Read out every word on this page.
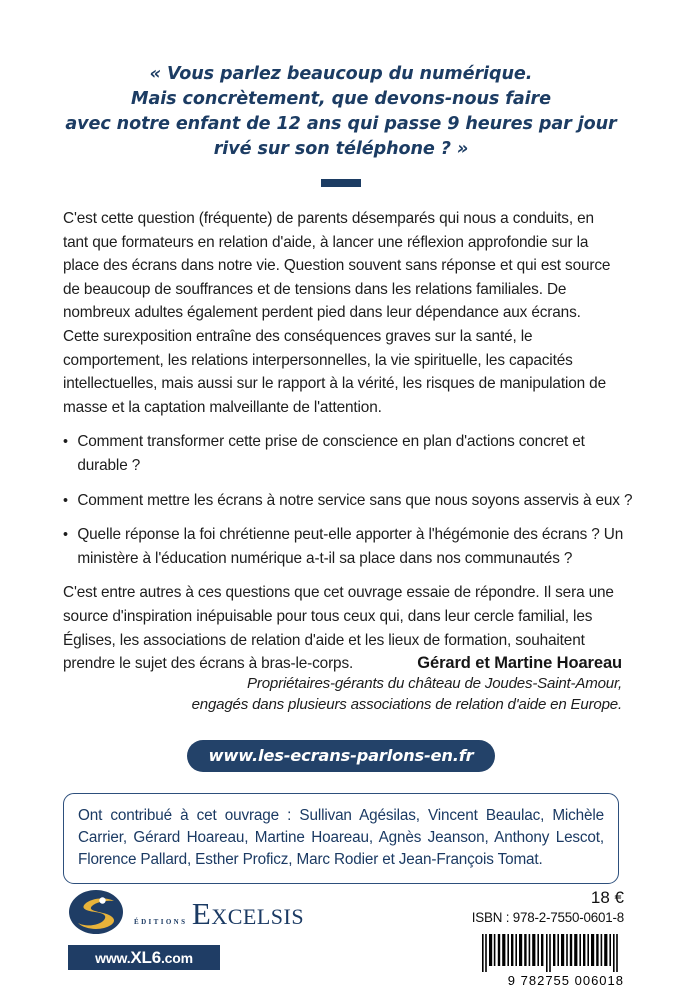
« Vous parlez beaucoup du numérique.
Mais concrètement, que devons-nous faire
avec notre enfant de 12 ans qui passe 9 heures par jour
rivé sur son téléphone ? »
C'est cette question (fréquente) de parents désemparés qui nous a conduits, en tant que formateurs en relation d'aide, à lancer une réflexion approfondie sur la place des écrans dans notre vie. Question souvent sans réponse et qui est source de beaucoup de souffrances et de tensions dans les relations familiales. De nombreux adultes également perdent pied dans leur dépendance aux écrans. Cette surexposition entraîne des conséquences graves sur la santé, le comportement, les relations interpersonnelles, la vie spirituelle, les capacités intellectuelles, mais aussi sur le rapport à la vérité, les risques de manipulation de masse et la captation malveillante de l'attention.
• Comment transformer cette prise de conscience en plan d'actions concret et durable ?
• Comment mettre les écrans à notre service sans que nous soyons asservis à eux ?
• Quelle réponse la foi chrétienne peut-elle apporter à l'hégémonie des écrans ? Un ministère à l'éducation numérique a-t-il sa place dans nos communautés ?
C'est entre autres à ces questions que cet ouvrage essaie de répondre. Il sera une source d'inspiration inépuisable pour tous ceux qui, dans leur cercle familial, les Églises, les associations de relation d'aide et les lieux de formation, souhaitent prendre le sujet des écrans à bras-le-corps.	Gérard et Martine Hoareau
Propriétaires-gérants du château de Joudes-Saint-Amour,
engagés dans plusieurs associations de relation d'aide en Europe.
www.les-ecrans-parlons-en.fr
Ont contribué à cet ouvrage : Sullivan Agésilas, Vincent Beaulac, Michèle Carrier, Gérard Hoareau, Martine Hoareau, Agnès Jeanson, Anthony Lescot, Florence Pallard, Esther Proficz, Marc Rodier et Jean-François Tomat.
ÉDITIONS Excelsis
www.XL6.com
18 €
ISBN : 978-2-7550-0601-8
9 782755 006018
